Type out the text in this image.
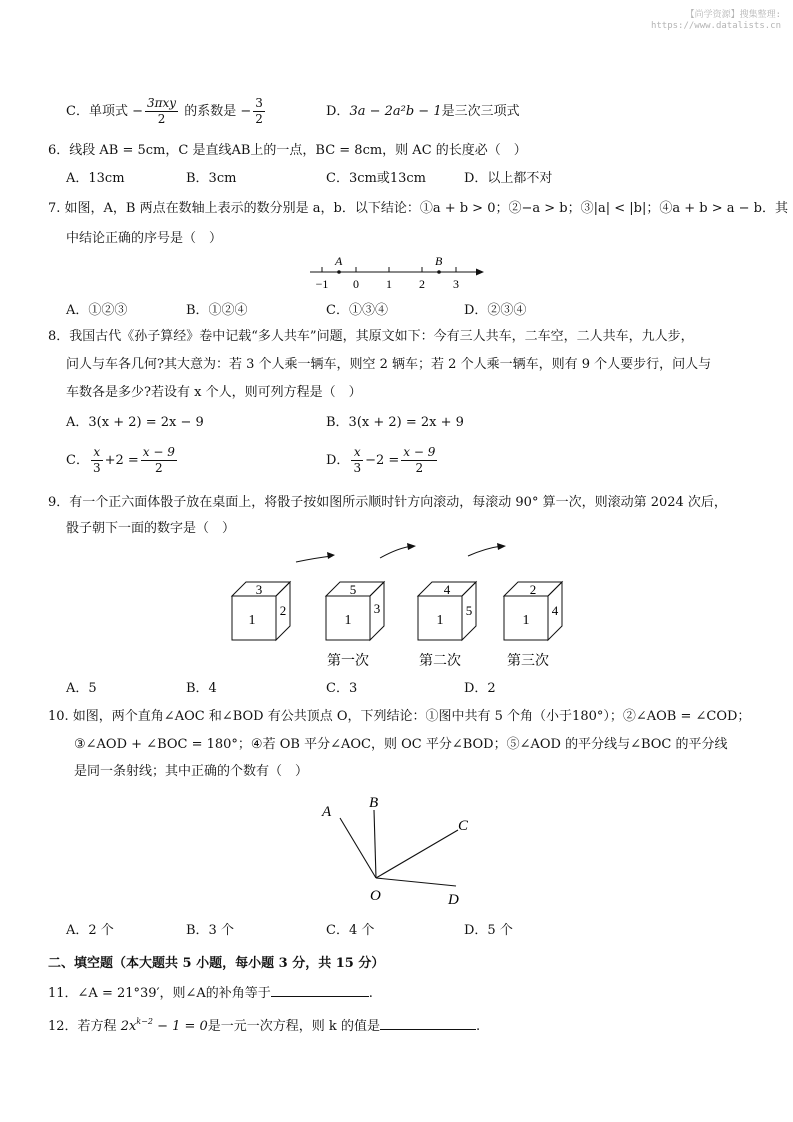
【尚学资源】搜集整理:
https://www.datalists.cn
C．单项式 − $\frac{\text{3πxy}}{2}$ 的系数是 − $\frac{3}{2}$	D．3a − 2a²b − 1是三次三项式
6．线段 AB = 5cm，C 是直线AB上的一点，BC = 8cm，则 AC 的长度必（　）
A．13cm	B．3cm	C．3cm或13cm	D．以上都不对
7. 如图，A，B 两点在数轴上表示的数分别是 a，b．以下结论：①a + b > 0；②−a > b；③|a| < |b|；④a + b > a − b．其
中结论正确的序号是（　）
A	B
−1 0 1 2 3
A．①②③	B．①②④	C．①③④	D．②③④
8．我国古代《孙子算经》卷中记载“多人共车”问题，其原文如下：今有三人共车，二车空，二人共车，九人步，
问人与车各几何?其大意为：若 3 个人乘一辆车，则空 2 辆车；若 2 个人乘一辆车，则有 9 个人要步行，问人与
车数各是多少?若设有 x 个人，则可列方程是（　）
A．3(x + 2) = 2x − 9	B．3(x + 2) = 2x + 9
C． $\frac{x}{3} +2 = \frac{x - 9}{2}$	D． $\frac{x}{3} -2 = \frac{x - 9}{2}$
9．有一个正六面体骰子放在桌面上，将骰子按如图所示顺时针方向滚动，每滚动 90° 算一次，则滚动第 2024 次后，
骰子朝下一面的数字是（　）
3
1
2
5
1
3
4
1
5
2
1
4
第一次	第二次	第三次
A．5	B．4	C．3	D．2
10. 如图，两个直角∠AOC 和∠BOD 有公共顶点 O，下列结论：①图中共有 5 个角（小于180°）；②∠AOB = ∠COD；
③∠AOD + ∠BOC = 180°；④若 OB 平分∠AOC，则 OC 平分∠BOD；⑤∠AOD 的平分线与∠BOC 的平分线
是同一条射线；其中正确的个数有（　）
A
B
C
O	D
A．2 个	B．3 个	C．4 个	D．5 个
二、填空题（本大题共 5 小题，每小题 3 分，共 15 分）
11．∠A = 21°39′，则∠A的补角等于	.
12．若方程 $2x^{k-2} - 1 = 0$是一元一次方程，则 k 的值是	.
